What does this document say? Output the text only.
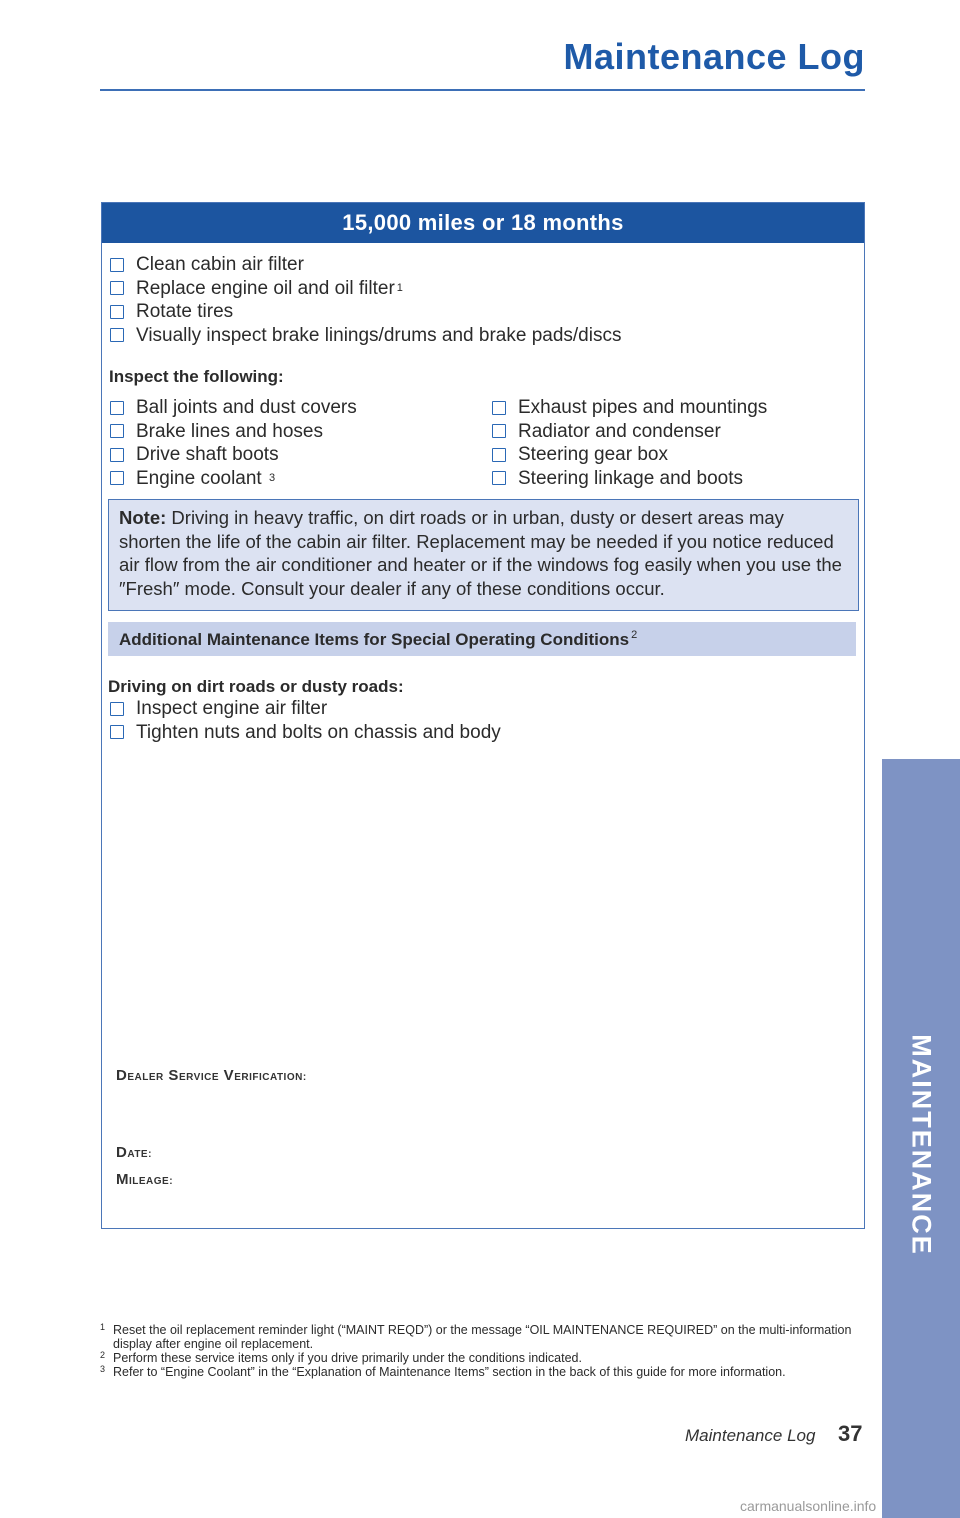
Maintenance Log
15,000 miles or 18 months
Clean cabin air filter
Replace engine oil and oil filter 1
Rotate tires
Visually inspect brake linings/drums and brake pads/discs
Inspect the following:
Ball joints and dust covers
Brake lines and hoses
Drive shaft boots
Engine coolant 3
Exhaust pipes and mountings
Radiator and condenser
Steering gear box
Steering linkage and boots
Note: Driving in heavy traffic, on dirt roads or in urban, dusty or desert areas may shorten the life of the cabin air filter. Replacement may be needed if you notice reduced air flow from the air conditioner and heater or if the windows fog easily when you use the ″Fresh″ mode. Consult your dealer if any of these conditions occur.
Additional Maintenance Items for Special Operating Conditions $^2$
Driving on dirt roads or dusty roads:
Inspect engine air filter
Tighten nuts and bolts on chassis and body
DEALER SERVICE VERIFICATION:
DATE:
MILEAGE:
1 Reset the oil replacement reminder light (“MAINT REQD”) or the message “OIL MAINTENANCE REQUIRED” on the multi-information display after engine oil replacement.
2 Perform these service items only if you drive primarily under the conditions indicated.
3 Refer to “Engine Coolant” in the “Explanation of Maintenance Items” section in the back of this guide for more information.
Maintenance Log 37
MAINTENANCE
carmanualsonline.info
